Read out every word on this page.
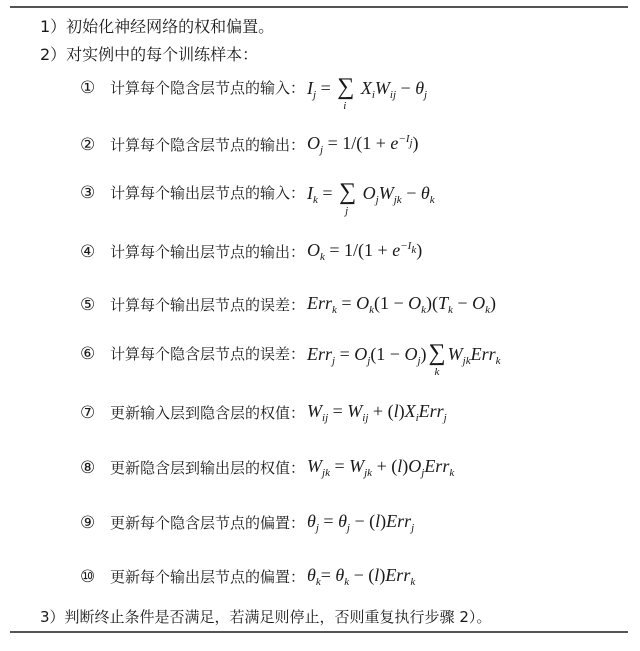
1）初始化神经网络的权和偏置。
2）对实例中的每个训练样本：
① 计算每个隐含层节点的输入： $I_j$ = ∑
i
$X_iW_{ij} - \theta_j$
② 计算每个隐含层节点的输出： $O_j = 1/(1 + e^{-I_j})$
③ 计算每个输出层节点的输入： $I_k$ = ∑
j
$O_jW_{jk} - \theta_k$
④ 计算每个输出层节点的输出： $O_k = 1/(1 + e^{-I_k})$
⑤ 计算每个输出层节点的误差： $Err_k = O_k(1 - O_k)(T_k - O_k)$
⑥ 计算每个隐含层节点的误差： $Err_j = O_j(1 - O_j)\sum$
k
$W_{jk}Err_k$
⑦ 更新输入层到隐含层的权值： $W_{ij} = W_{ij} + (l)X_iErr_j$
⑧ 更新隐含层到输出层的权值： $W_{jk} = W_{jk} + (l)O_jErr_k$
⑨ 更新每个隐含层节点的偏置： $\theta_j = \theta_j - (l)Err_j$
⑩ 更新每个输出层节点的偏置： $\theta_k= \theta_k - (l)Err_k$
3）判断终止条件是否满足，若满足则停止，否则重复执行步骤 2）。
